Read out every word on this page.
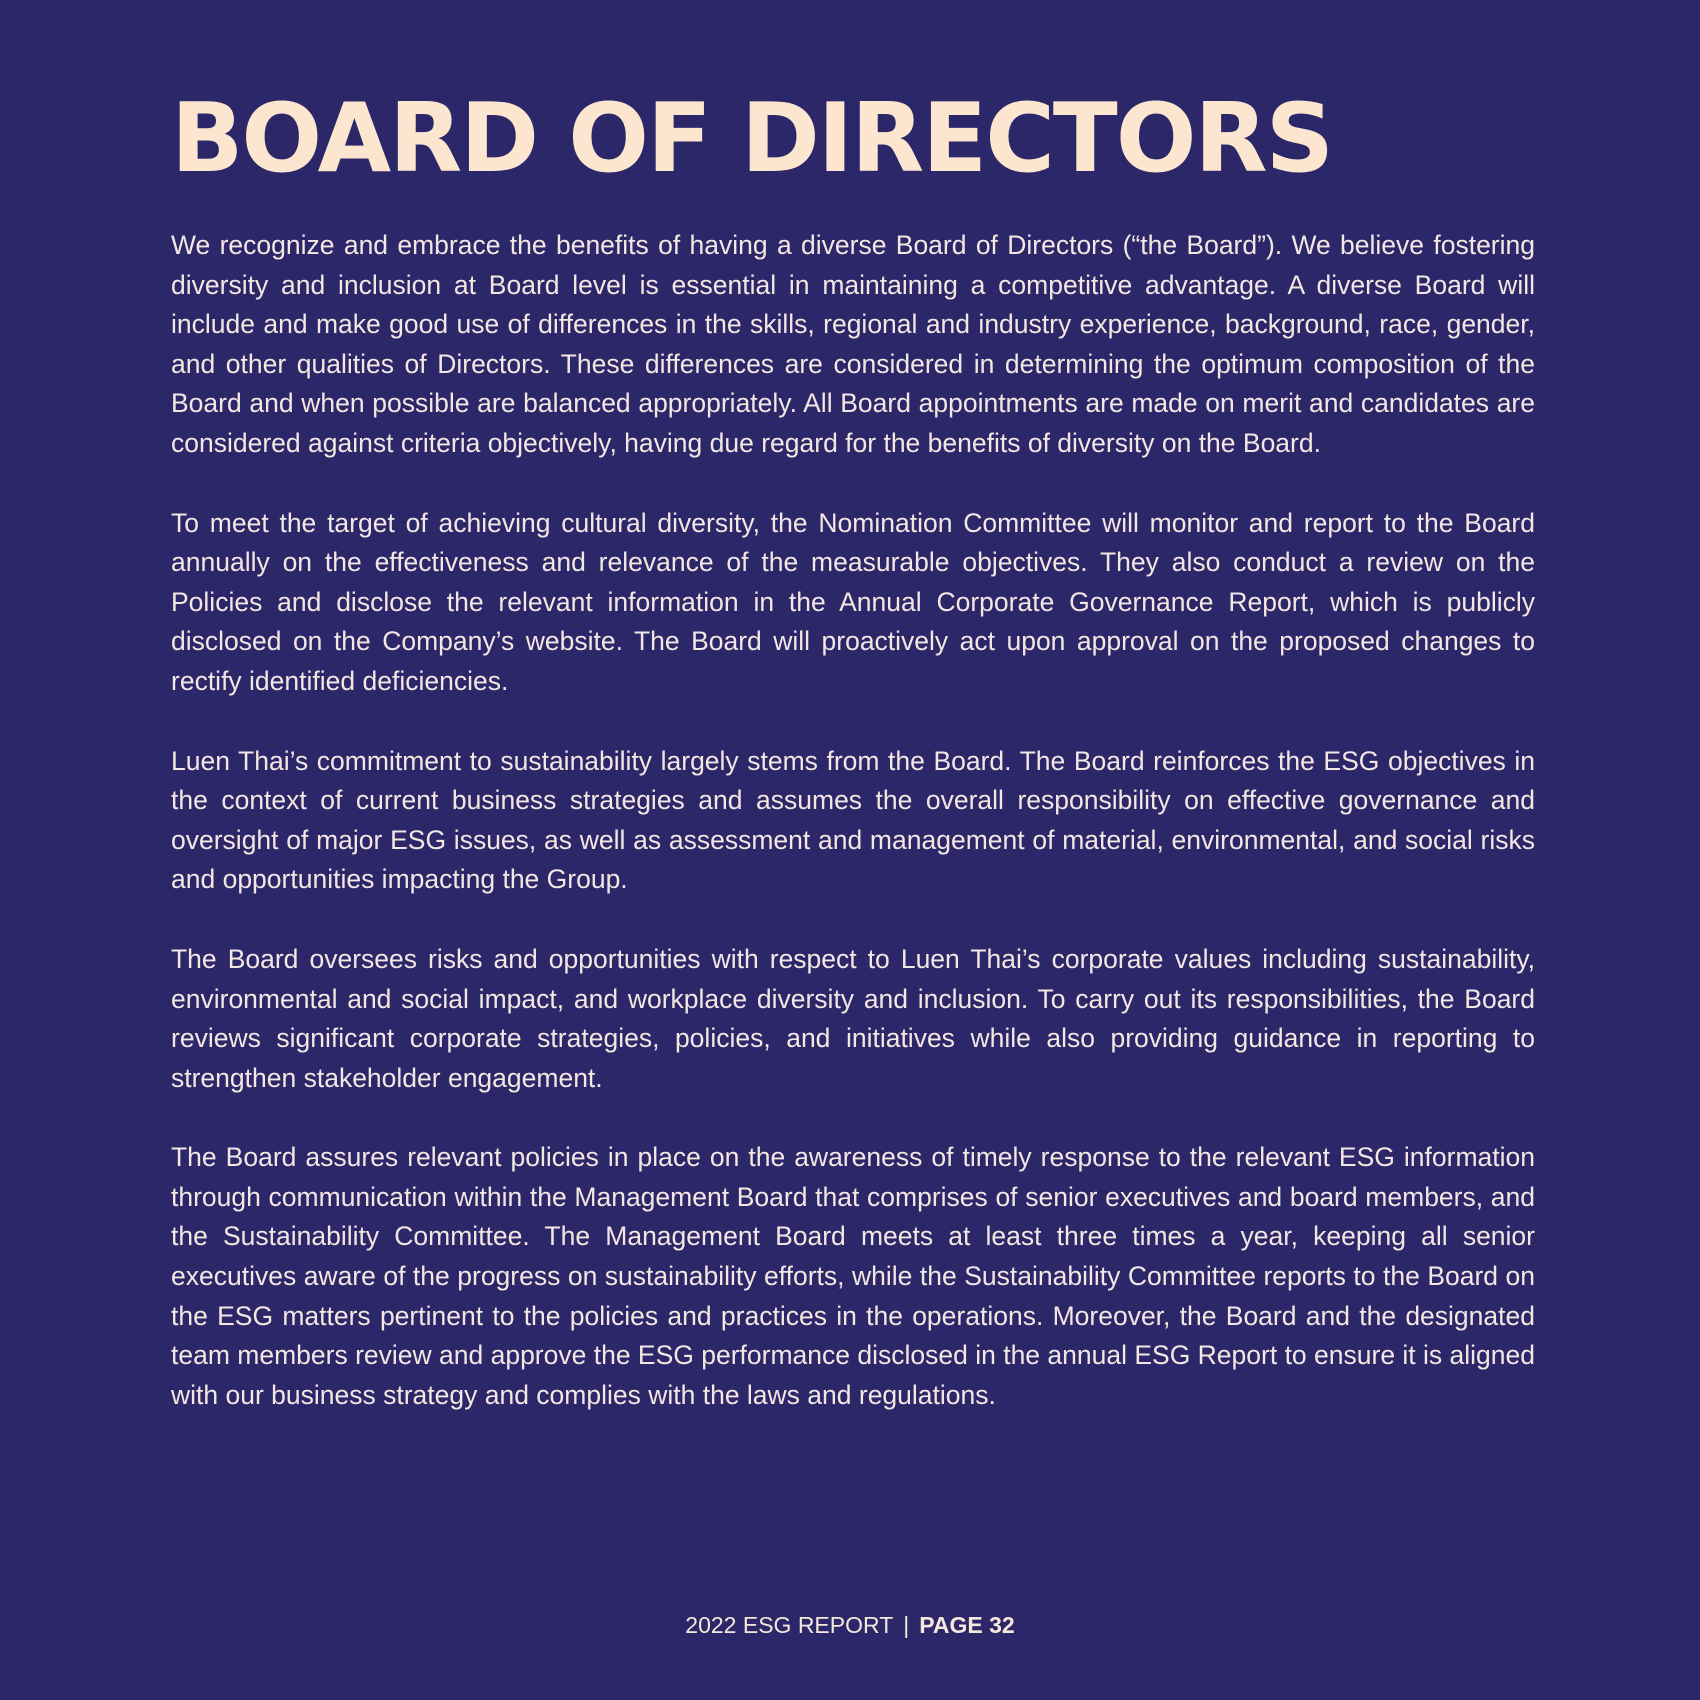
BOARD OF DIRECTORS

We recognize and embrace the benefits of having a diverse Board of Directors (“the Board”). We believe fostering diversity and inclusion at Board level is essential in maintaining a competitive advantage. A diverse Board will include and make good use of differences in the skills, regional and industry experience, background, race, gender, and other qualities of Directors. These differences are considered in determining the optimum composition of the Board and when possible are balanced appropriately. All Board appointments are made on merit and candidates are considered against criteria objectively, having due regard for the benefits of diversity on the Board.

To meet the target of achieving cultural diversity, the Nomination Committee will monitor and report to the Board annually on the effectiveness and relevance of the measurable objectives. They also conduct a review on the Policies and disclose the relevant information in the Annual Corporate Governance Report, which is publicly disclosed on the Company’s website. The Board will proactively act upon approval on the proposed changes to rectify identified deficiencies.

Luen Thai’s commitment to sustainability largely stems from the Board. The Board reinforces the ESG objectives in the context of current business strategies and assumes the overall responsibility on effective governance and oversight of major ESG issues, as well as assessment and management of material, environmental, and social risks and opportunities impacting the Group.

The Board oversees risks and opportunities with respect to Luen Thai’s corporate values including sustainability, environmental and social impact, and workplace diversity and inclusion. To carry out its responsibilities, the Board reviews significant corporate strategies, policies, and initiatives while also providing guidance in reporting to strengthen stakeholder engagement.

The Board assures relevant policies in place on the awareness of timely response to the relevant ESG information through communication within the Management Board that comprises of senior executives and board members, and the Sustainability Committee. The Management Board meets at least three times a year, keeping all senior executives aware of the progress on sustainability efforts, while the Sustainability Committee reports to the Board on the ESG matters pertinent to the policies and practices in the operations. Moreover, the Board and the designated team members review and approve the ESG performance disclosed in the annual ESG Report to ensure it is aligned with our business strategy and complies with the laws and regulations.

2022 ESG REPORT | PAGE 32
